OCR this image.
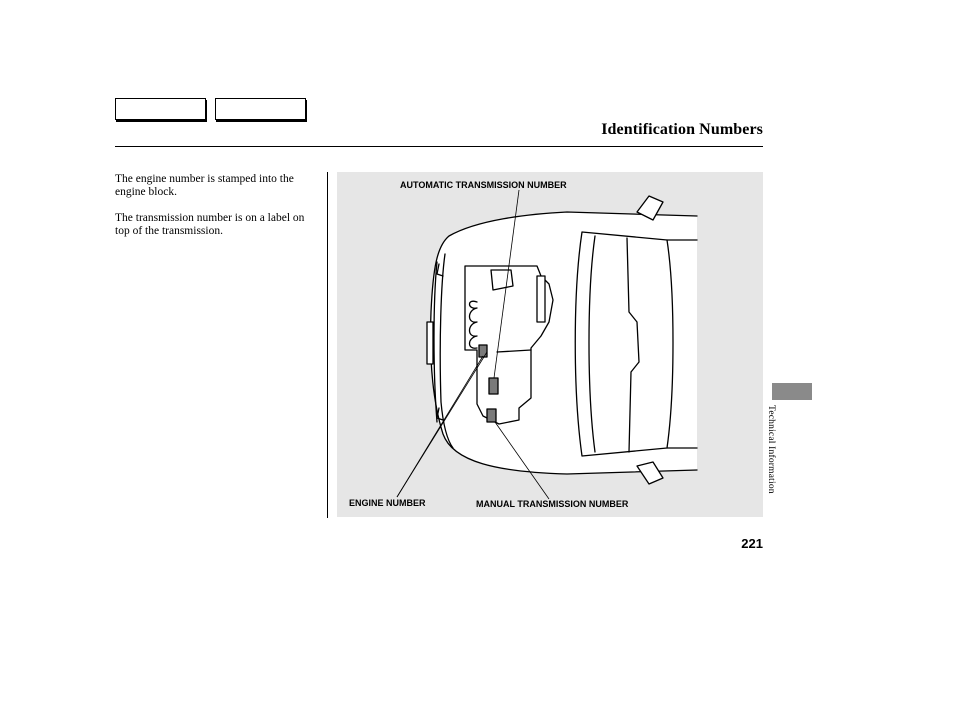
Identification Numbers

The engine number is stamped into the engine block.

The transmission number is on a label on top of the transmission.

AUTOMATIC TRANSMISSION NUMBER
ENGINE NUMBER	MANUAL TRANSMISSION NUMBER
Technical Information
221
